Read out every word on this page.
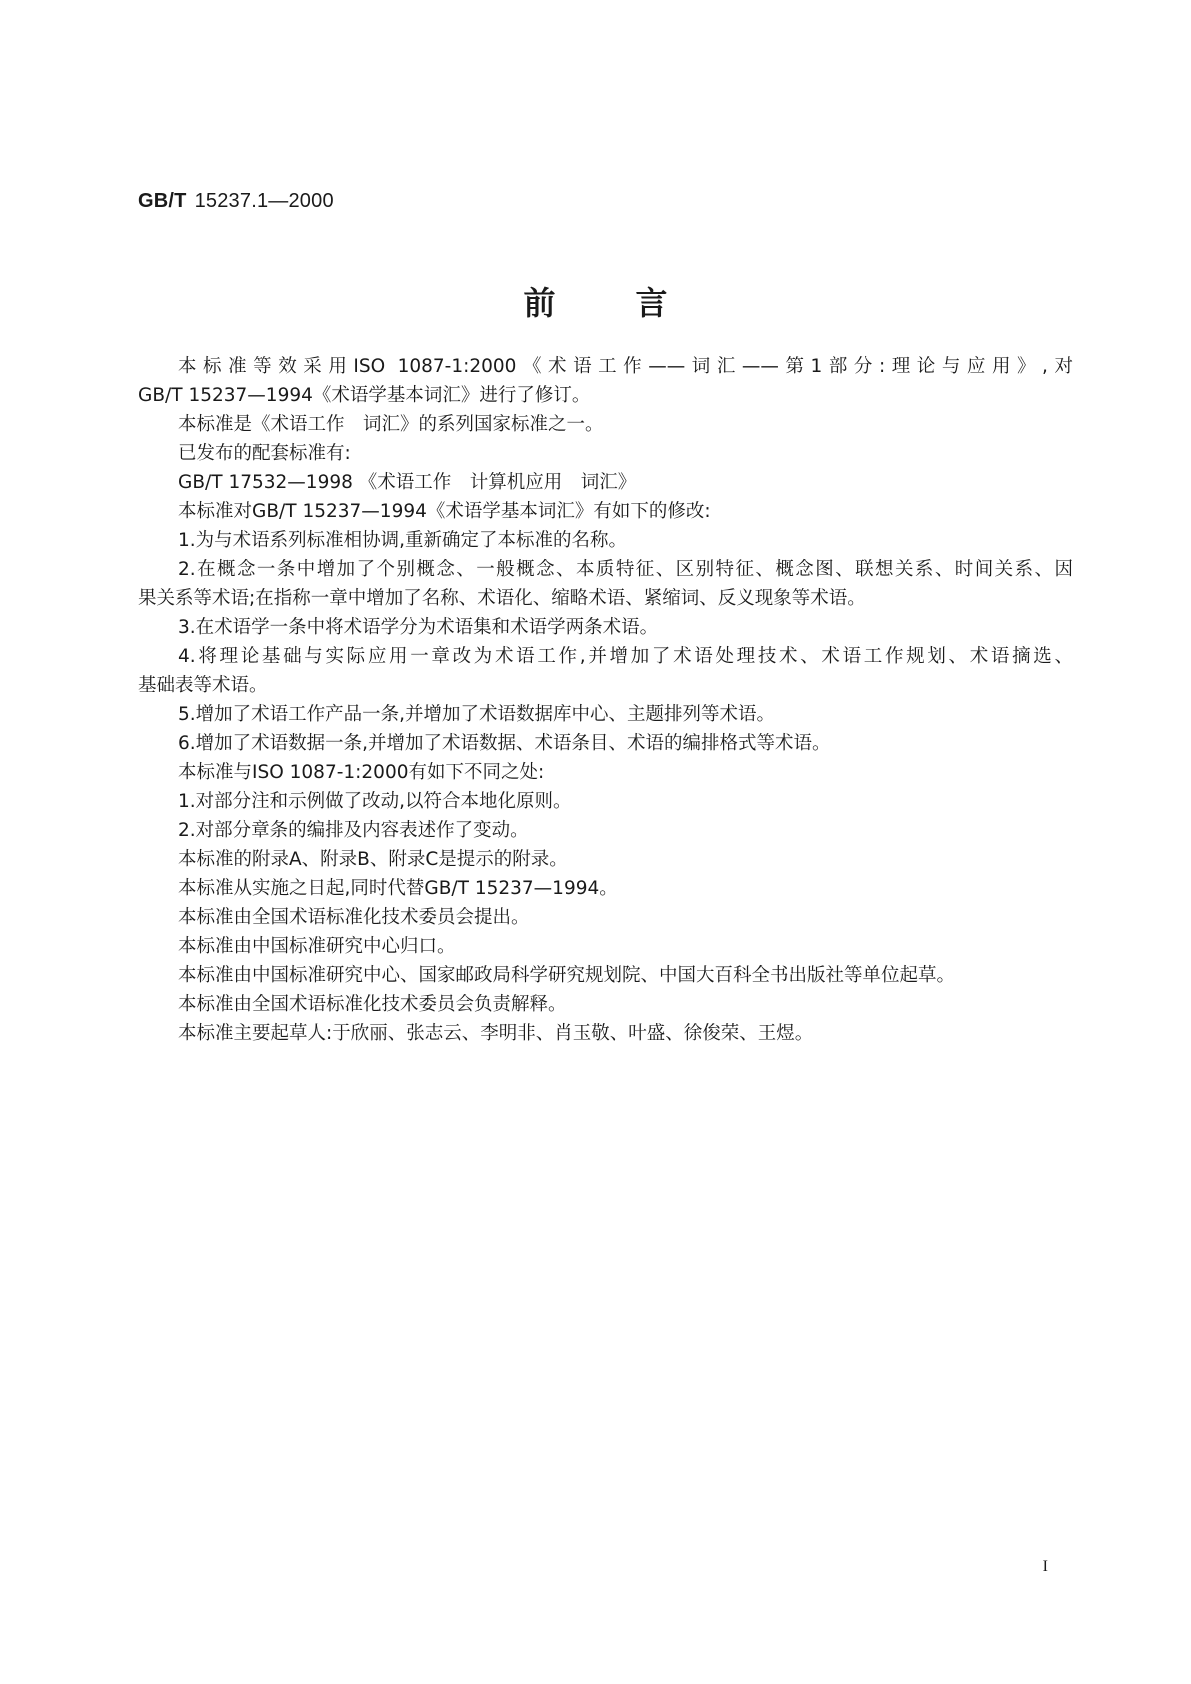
GB/T 15237.1—2000
前言
本标准等效采用ISO 1087-1:2000《术语工作——词汇——第1部分:理论与应用》,对
GB/T 15237—1994《术语学基本词汇》进行了修订。
本标准是《术语工作　词汇》的系列国家标准之一。
已发布的配套标准有:
GB/T 17532—1998 《术语工作　计算机应用　词汇》
本标准对GB/T 15237—1994《术语学基本词汇》有如下的修改:
1.为与术语系列标准相协调,重新确定了本标准的名称。
2.在概念一条中增加了个别概念、一般概念、本质特征、区别特征、概念图、联想关系、时间关系、因
果关系等术语;在指称一章中增加了名称、术语化、缩略术语、紧缩词、反义现象等术语。
3.在术语学一条中将术语学分为术语集和术语学两条术语。
4.将理论基础与实际应用一章改为术语工作,并增加了术语处理技术、术语工作规划、术语摘选、
基础表等术语。
5.增加了术语工作产品一条,并增加了术语数据库中心、主题排列等术语。
6.增加了术语数据一条,并增加了术语数据、术语条目、术语的编排格式等术语。
本标准与ISO 1087-1:2000有如下不同之处:
1.对部分注和示例做了改动,以符合本地化原则。
2.对部分章条的编排及内容表述作了变动。
本标准的附录A、附录B、附录C是提示的附录。
本标准从实施之日起,同时代替GB/T 15237—1994。
本标准由全国术语标准化技术委员会提出。
本标准由中国标准研究中心归口。
本标准由中国标准研究中心、国家邮政局科学研究规划院、中国大百科全书出版社等单位起草。
本标准由全国术语标准化技术委员会负责解释。
本标准主要起草人:于欣丽、张志云、李明非、肖玉敬、叶盛、徐俊荣、王煜。
I
